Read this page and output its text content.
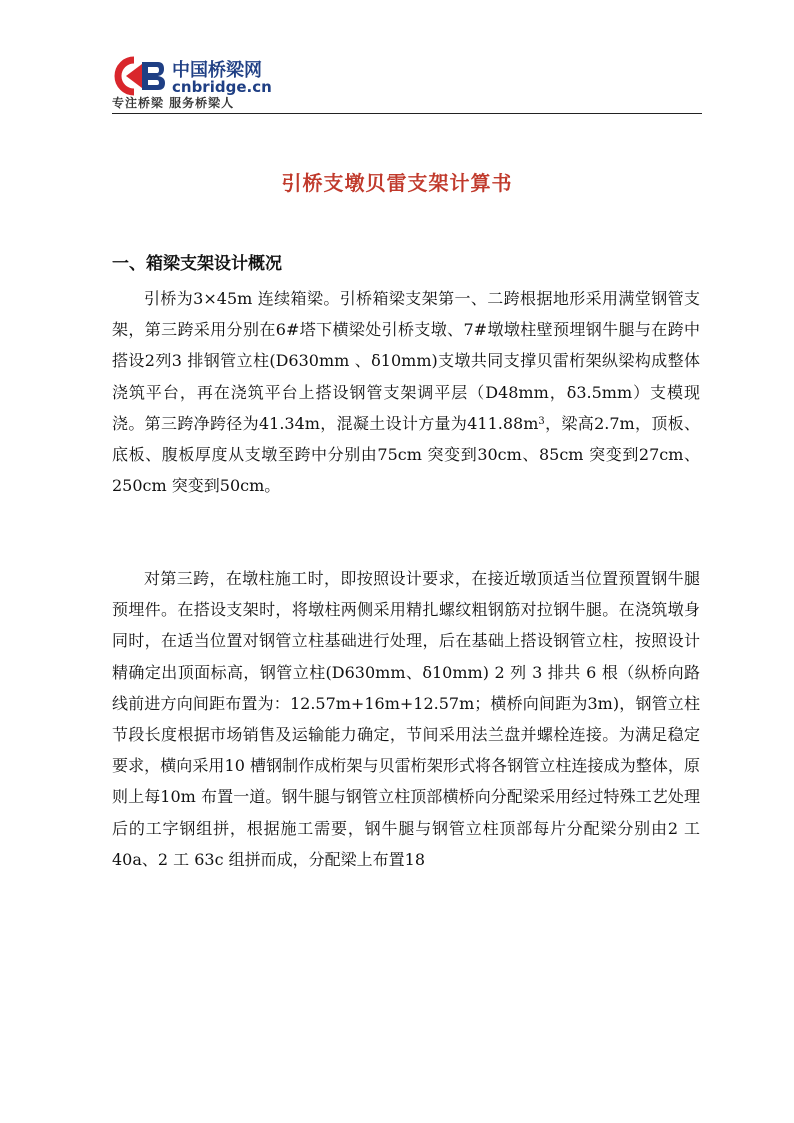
中国桥梁网
cnbridge.cn
专注桥梁 服务桥梁人
引桥支墩贝雷支架计算书
一、箱梁支架设计概况

引桥为3×45m 连续箱梁。引桥箱梁支架第一、二跨根据地形采用满堂钢管支架，第三跨采用分别在6#塔下横梁处引桥支墩、7#墩墩柱壁预埋钢牛腿与在跨中搭设2列3 排钢管立柱(D630mm 、δ10mm)支墩共同支撑贝雷桁架纵梁构成整体浇筑平台，再在浇筑平台上搭设钢管支架调平层（D48mm，δ3.5mm）支模现浇。第三跨净跨径为41.34m，混凝土设计方量为$411.88m^3$，梁高2.7m，顶板、底板、腹板厚度从支墩至跨中分别由75cm 突变到30cm、85cm 突变到27cm、250cm 突变到50cm。

对第三跨，在墩柱施工时，即按照设计要求，在接近墩顶适当位置预置钢牛腿预埋件。在搭设支架时，将墩柱两侧采用精扎螺纹粗钢筋对拉钢牛腿。在浇筑墩身同时，在适当位置对钢管立柱基础进行处理，后在基础上搭设钢管立柱，按照设计精确定出顶面标高，钢管立柱(D630mm、δ10mm) 2 列 3 排共 6 根（纵桥向路线前进方向间距布置为：12.57m+16m+12.57m；横桥向间距为3m)，钢管立柱节段长度根据市场销售及运输能力确定，节间采用法兰盘并螺栓连接。为满足稳定要求，横向采用10 槽钢制作成桁架与贝雷桁架形式将各钢管立柱连接成为整体，原则上每10m 布置一道。钢牛腿与钢管立柱顶部横桥向分配梁采用经过特殊工艺处理后的工字钢组拼，根据施工需要，钢牛腿与钢管立柱顶部每片分配梁分别由2 工 40a、2 工 63c 组拼而成，分配梁上布置18
